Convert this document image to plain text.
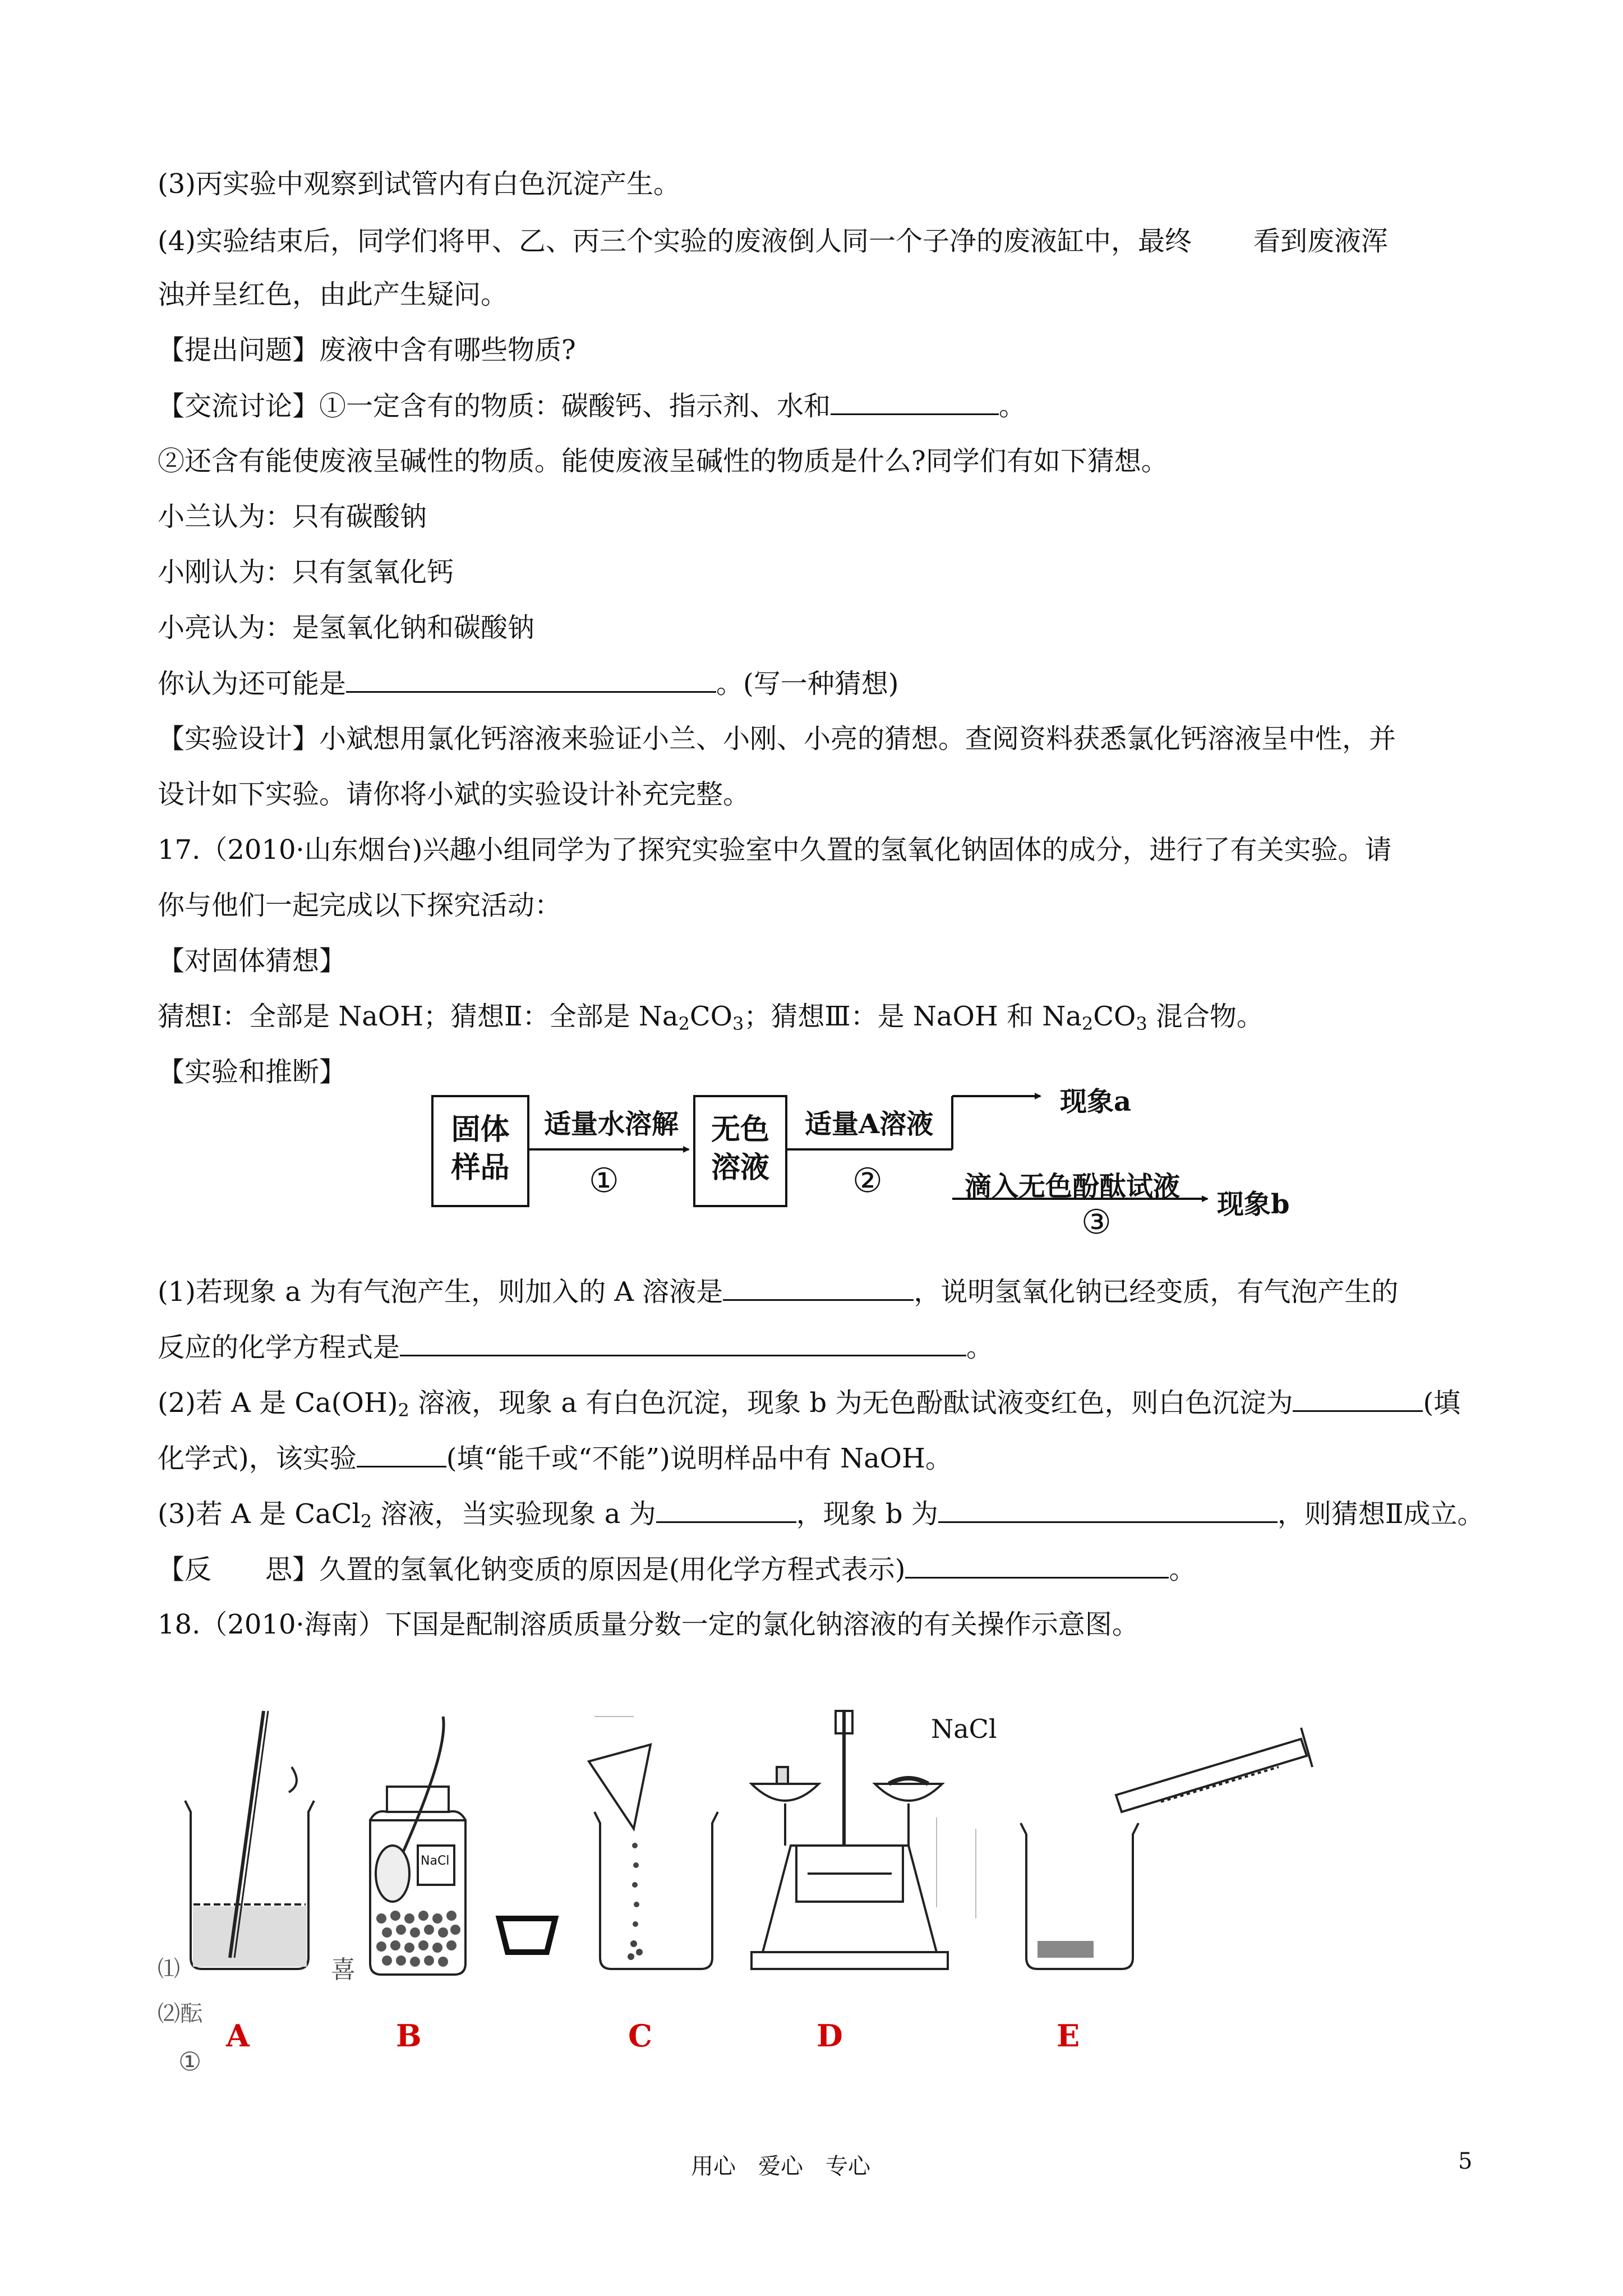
(3)丙实验中观察到试管内有白色沉淀产生。
(4)实验结束后，同学们将甲、乙、丙三个实验的废液倒人同一个子净的废液缸中，最终 看到废液浑
浊并呈红色，由此产生疑问。
【提出问题】废液中含有哪些物质?
【交流讨论】①一定含有的物质：碳酸钙、指示剂、水和	。
②还含有能使废液呈碱性的物质。能使废液呈碱性的物质是什么?同学们有如下猜想。
小兰认为：只有碳酸钠
小刚认为：只有氢氧化钙
小亮认为：是氢氧化钠和碳酸钠
你认为还可能是	。(写一种猜想)
【实验设计】小斌想用氯化钙溶液来验证小兰、小刚、小亮的猜想。查阅资料获悉氯化钙溶液呈中性，并
设计如下实验。请你将小斌的实验设计补充完整。
17.（2010·山东烟台)兴趣小组同学为了探究实验室中久置的氢氧化钠固体的成分，进行了有关实验。请
你与他们一起完成以下探究活动：
【对固体猜想】
猜想Ⅰ：全部是 NaOH；猜想Ⅱ：全部是 $Na_2CO_3$；猜想Ⅲ：是 NaOH 和 $Na_2CO_3$ 混合物。
【实验和推断】
固体
样品
无色
溶液
适量水溶解
①
适量A溶液
②
现象a
滴入无色酚酞试液
③	现象b
(1)若现象 a 为有气泡产生，则加入的 A 溶液是	，说明氢氧化钠已经变质，有气泡产生的
反应的化学方程式是	。
(2)若 A 是 $Ca(OH)_2$ 溶液，现象 a 有白色沉淀，现象 b 为无色酚酞试液变红色，则白色沉淀为	(填
化学式)，该实验	(填“能千或“不能”)说明样品中有 NaOH。
(3)若 A 是 CaCl$_2$ 溶液，当实验现象 a 为	，现象 b 为	，则猜想Ⅱ成立。
【反　　思】久置的氢氧化钠变质的原因是(用化学方程式表示)	。
18.（2010·海南）下国是配制溶质质量分数一定的氯化钠溶液的有关操作示意图。
NaCl
NaCl
⑴
⑵酝
①
喜
A	B	C	D	E
用心　爱心　专心	5
